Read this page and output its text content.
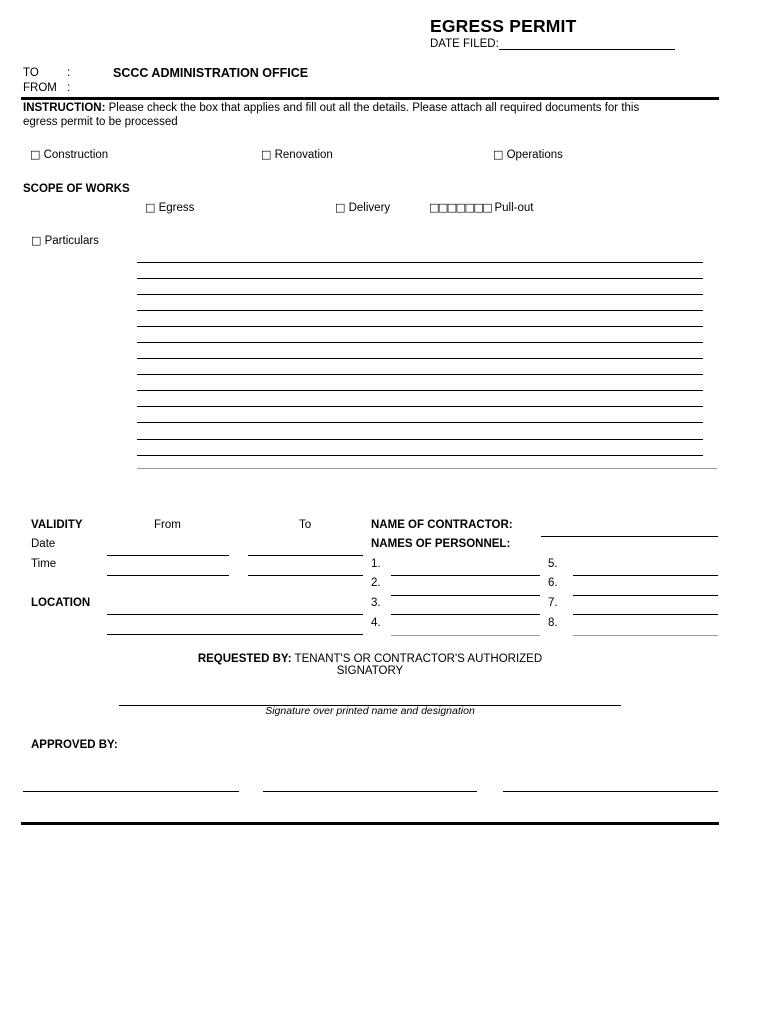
EGRESS PERMIT
DATE FILED:
TO :	SCCC ADMINISTRATION OFFICE
FROM :
INSTRUCTION: Please check the box that applies and fill out all the details. Please attach all required documents for this
egress permit to be processed
□ Construction	□ Renovation	□ Operations
SCOPE OF WORKS
□ Egress	□ Delivery	□□□□□□□ Pull-out
□ Particulars
VALIDITY	From	To
Date
Time
LOCATION
NAME OF CONTRACTOR:
NAMES OF PERSONNEL:
1.
2.
3.
4.
5.
6.
7.
8.
REQUESTED BY: TENANT'S OR CONTRACTOR'S AUTHORIZED
SIGNATORY
Signature over printed name and designation
APPROVED BY:
